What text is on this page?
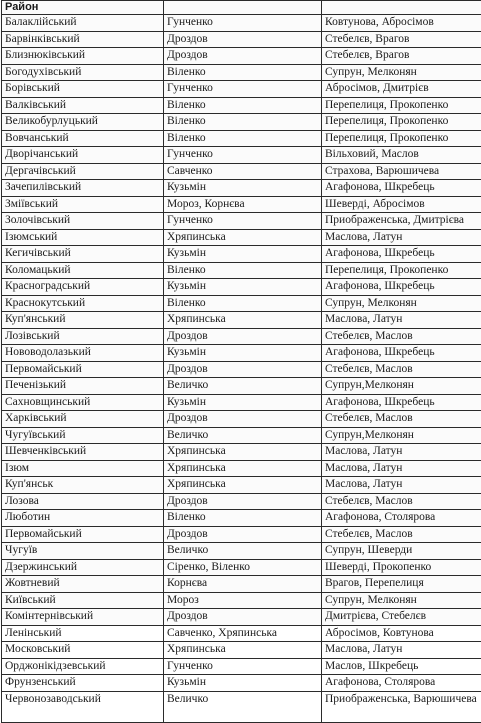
Район		
Балаклійський	Гунченко	Ковтунова, Абросімов
Барвінківський	Дроздов	Стебелєв, Врагов
Близнюківський	Дроздов	Стебелєв, Врагов
Богодухівський	Віленко	Супрун, Мелконян
Борівський	Гунченко	Абросімов, Дмитрієв
Валківський	Віленко	Перепелиця, Прокопенко
Великобурлуцький	Віленко	Перепелиця, Прокопенко
Вовчанський	Віленко	Перепелиця, Прокопенко
Дворічанський	Гунченко	Вільховий, Маслов
Дергачівський	Савченко	Страхова, Варюшичева
Зачепилівський	Кузьмін	Агафонова, Шкребець
Зміївський	Мороз, Корнєва	Шеверді, Абросімов
Золочівський	Гунченко	Приображенська, Дмитрієва
Ізюмський	Хряпинська	Маслова, Латун
Кегичівський	Кузьмін	Агафонова, Шкребець
Коломацький	Віленко	Перепелиця, Прокопенко
Красноградський	Кузьмін	Агафонова, Шкребець
Краснокутський	Віленко	Супрун, Мелконян
Куп'янський	Хряпинська	Маслова, Латун
Лозівський	Дроздов	Стебелєв, Маслов
Нововодолазький	Кузьмін	Агафонова, Шкребець
Первомайський	Дроздов	Стебелєв, Маслов
Печенізький	Величко	Супрун,Мелконян
Сахновщинський	Кузьмін	Агафонова, Шкребець
Харківський	Дроздов	Стебелєв, Маслов
Чугуївський	Величко	Супрун,Мелконян
Шевченківський	Хряпинська	Маслова, Латун
Ізюм	Хряпинська	Маслова, Латун
Куп'янськ	Хряпинська	Маслова, Латун
Лозова	Дроздов	Стебелєв, Маслов
Люботин	Віленко	Агафонова, Столярова
Первомайський	Дроздов	Стебелєв, Маслов
Чугуїв	Величко	Супрун, Шеверди
Дзержинський	Сіренко, Віленко	Шеверді, Прокопенко
Жовтневий	Корнєва	Врагов, Перепелиця
Київський	Мороз	Супрун, Мелконян
Комінтернівський	Дроздов	Дмитрієва, Стебелєв
Ленінський	Савченко, Хряпинська	Абросімов, Ковтунова
Московський	Хряпинська	Маслова, Латун
Орджонікідзевський	Гунченко	Маслов, Шкребець
Фрунзенський	Кузьмін	Агафонова, Столярова
Червонозаводський	Величко	Приображенська, Варюшичева
